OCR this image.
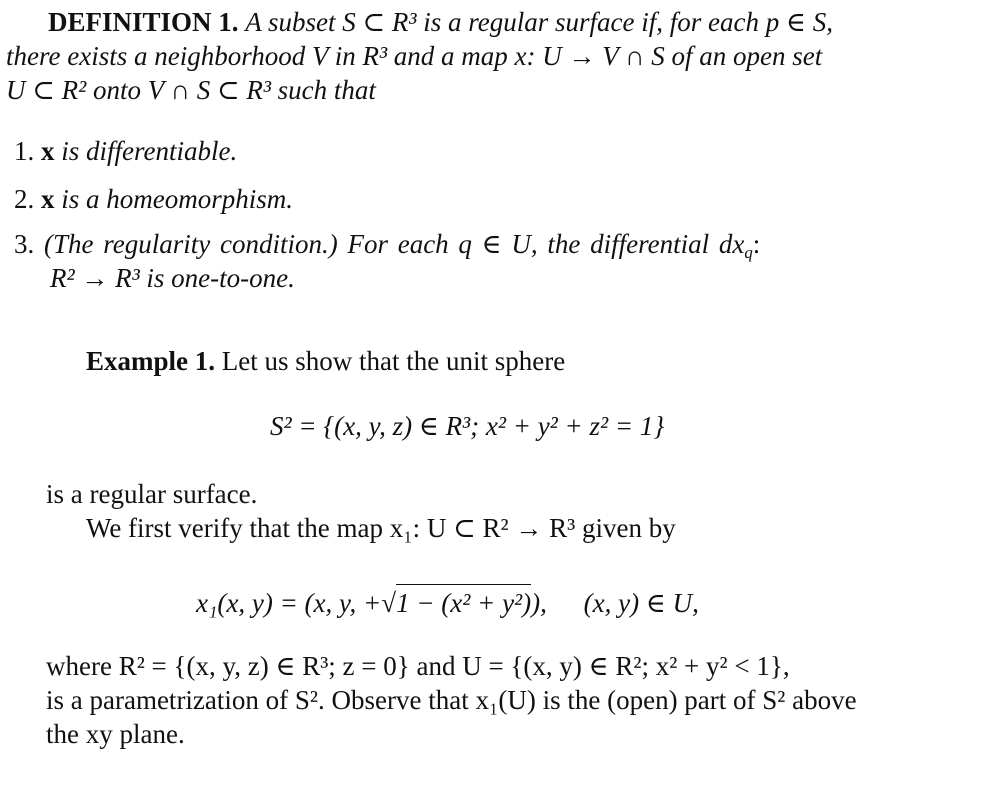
DEFINITION 1. A subset S ⊂ R³ is a regular surface if, for each p ∈ S,
there exists a neighborhood V in R³ and a map x: U → V ∩ S of an open set
U ⊂ R² onto V ∩ S ⊂ R³ such that
1. x is differentiable.
2. x is a homeomorphism.
3. (The regularity condition.) For each q ∈ U, the differential $dx_q$:
R² → R³ is one-to-one.
Example 1. Let us show that the unit sphere
S² = {(x, y, z) ∈ R³; x² + y² + z² = 1}
is a regular surface.
We first verify that the map x₁: U ⊂ R² → R³ given by
x₁(x, y) = (x, y, +√1 − (x² + y²)), (x, y) ∈ U,
where R² = {(x, y, z) ∈ R³; z = 0} and U = {(x, y) ∈ R²; x² + y² < 1},
is a parametrization of S². Observe that x₁(U) is the (open) part of S² above
the xy plane.
